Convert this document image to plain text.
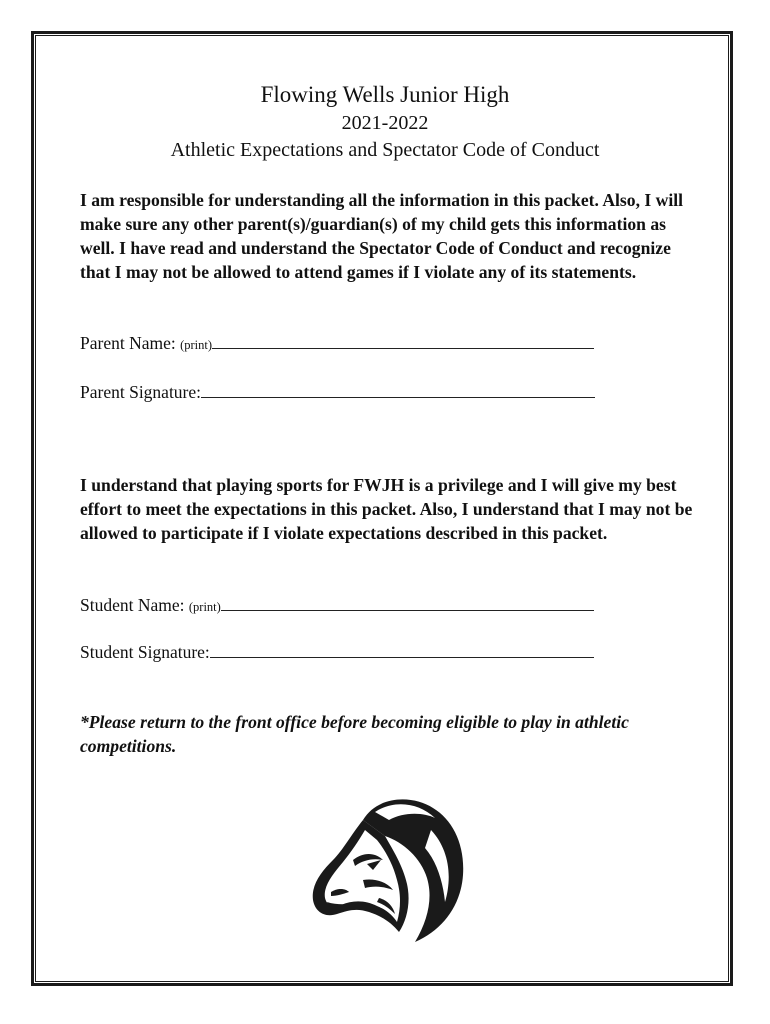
Flowing Wells Junior High
2021-2022
Athletic Expectations and Spectator Code of Conduct
I am responsible for understanding all the information in this packet. Also, I will make sure any other parent(s)/guardian(s) of my child gets this information as well. I have read and understand the Spectator Code of Conduct and recognize that I may not be allowed to attend games if I violate any of its statements.
Parent Name: (print)
Parent Signature:
I understand that playing sports for FWJH is a privilege and I will give my best effort to meet the expectations in this packet. Also, I understand that I may not be allowed to participate if I violate expectations described in this packet.
Student Name: (print)
Student Signature:
*Please return to the front office before becoming eligible to play in athletic competitions.
